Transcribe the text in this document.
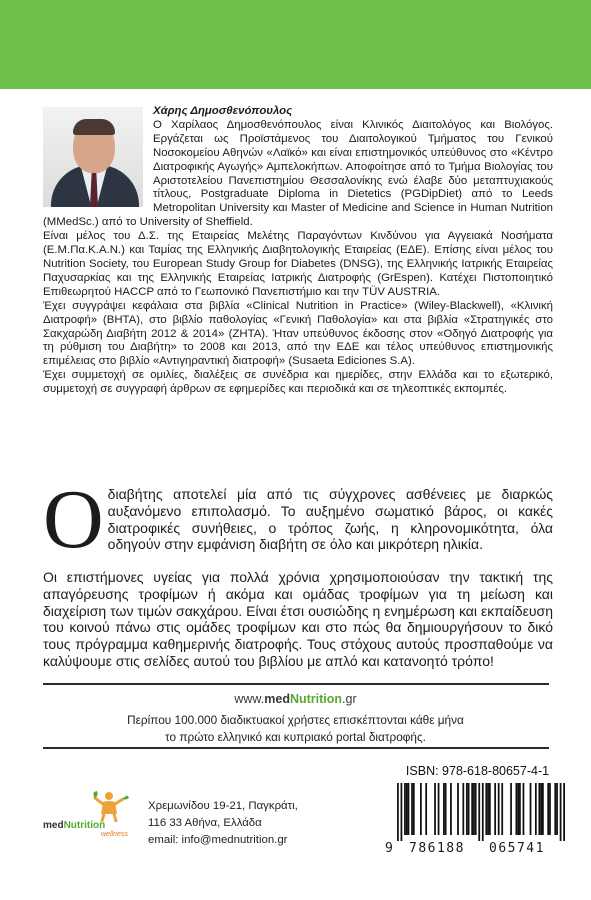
Χάρης Δημοσθενόπουλος

Ο Χαρίλαος Δημοσθενόπουλος είναι Κλινικός Διαιτολόγος και Βιολόγος. Εργάζεται ως Προϊστάμενος του Διαιτολογικού Τμήματος του Γενικού Νοσοκομείου Αθηνών «Λαϊκό» και είναι επιστημονικός υπεύθυνος στο «Κέντρο Διατροφικής Αγωγής» Αμπελοκήπων. Αποφοίτησε από το Τμήμα Βιολογίας του Αριστοτελείου Πανεπιστημίου Θεσσαλονίκης ενώ έλαβε δύο μεταπτυχιακούς τίτλους, Postgraduate Diploma in Dietetics (PGDipDiet) από το Leeds Metropolitan University και Master of Medicine and Science in Human Nutrition (MMedSc.) από το University of Sheffield.

Είναι μέλος του Δ.Σ. της Εταιρείας Μελέτης Παραγόντων Κινδύνου για Αγγειακά Νοσήματα (Ε.Μ.Πα.Κ.Α.Ν.) και Ταμίας της Ελληνικής Διαβητολογικής Εταιρείας (ΕΔΕ). Επίσης είναι μέλος του Nutrition Society, του European Study Group for Diabetes (DNSG), της Ελληνικής Ιατρικής Εταιρείας Παχυσαρκίας και της Ελληνικής Εταιρείας Ιατρικής Διατροφής (GrEspen). Κατέχει Πιστοποιητικό Επιθεωρητού HACCP από το Γεωπονικό Πανεπιστήμιο και την TÜV AUSTRIA.

Έχει συγγράψει κεφάλαια στα βιβλία «Clinical Nutrition in Practice» (Wiley-Blackwell), «Κλινική Διατροφή» (ΒΗΤΑ), στο βιβλίο παθολογίας «Γενική Παθολογία» και στα βιβλία «Στρατηγικές στο Σακχαρώδη Διαβήτη 2012 & 2014» (ΖΗΤΑ). Ήταν υπεύθυνος έκδοσης στον «Οδηγό Διατροφής για τη ρύθμιση του Διαβήτη» το 2008 και 2013, από την ΕΔΕ και τέλος υπεύθυνος επιστημονικής επιμέλειας στο βιβλίο «Αντιγηραντική διατροφή» (Susaeta Ediciones S.A).

Έχει συμμετοχή σε ομιλίες, διαλέξεις σε συνέδρια και ημερίδες, στην Ελλάδα και το εξωτερικό, συμμετοχή σε συγγραφή άρθρων σε εφημερίδες και περιοδικά και σε τηλεοπτικές εκπομπές.

Ο διαβήτης αποτελεί μία από τις σύγχρονες ασθένειες με διαρκώς αυξανόμενο επιπολασμό. Το αυξημένο σωματικό βάρος, οι κακές διατροφικές συνήθειες, ο τρόπος ζωής, η κληρονομικότητα, όλα οδηγούν στην εμφάνιση διαβήτη σε όλο και μικρότερη ηλικία.

Οι επιστήμονες υγείας για πολλά χρόνια χρησιμοποιούσαν την τακτική της απαγόρευσης τροφίμων ή ακόμα και ομάδας τροφίμων για τη μείωση και διαχείριση των τιμών σακχάρου. Είναι έτσι ουσιώδης η ενημέρωση και εκπαίδευση του κοινού πάνω στις ομάδες τροφίμων και στο πώς θα δημιουργήσουν το δικό τους πρόγραμμα καθημερινής διατροφής. Τους στόχους αυτούς προσπαθούμε να καλύψουμε στις σελίδες αυτού του βιβλίου με απλό και κατανοητό τρόπο!

www.medNutrition.gr
Περίπου 100.000 διαδικτυακοί χρήστες επισκέπτονται κάθε μήνα
το πρώτο ελληνικό και κυπριακό portal διατροφής.
medNutrition
wellness
Χρεμωνίδου 19-21, Παγκράτι,
116 33 Αθήνα, Ελλάδα
email: info@mednutrition.gr
ISBN: 978-618-80657-4-1
9 786188 065741
